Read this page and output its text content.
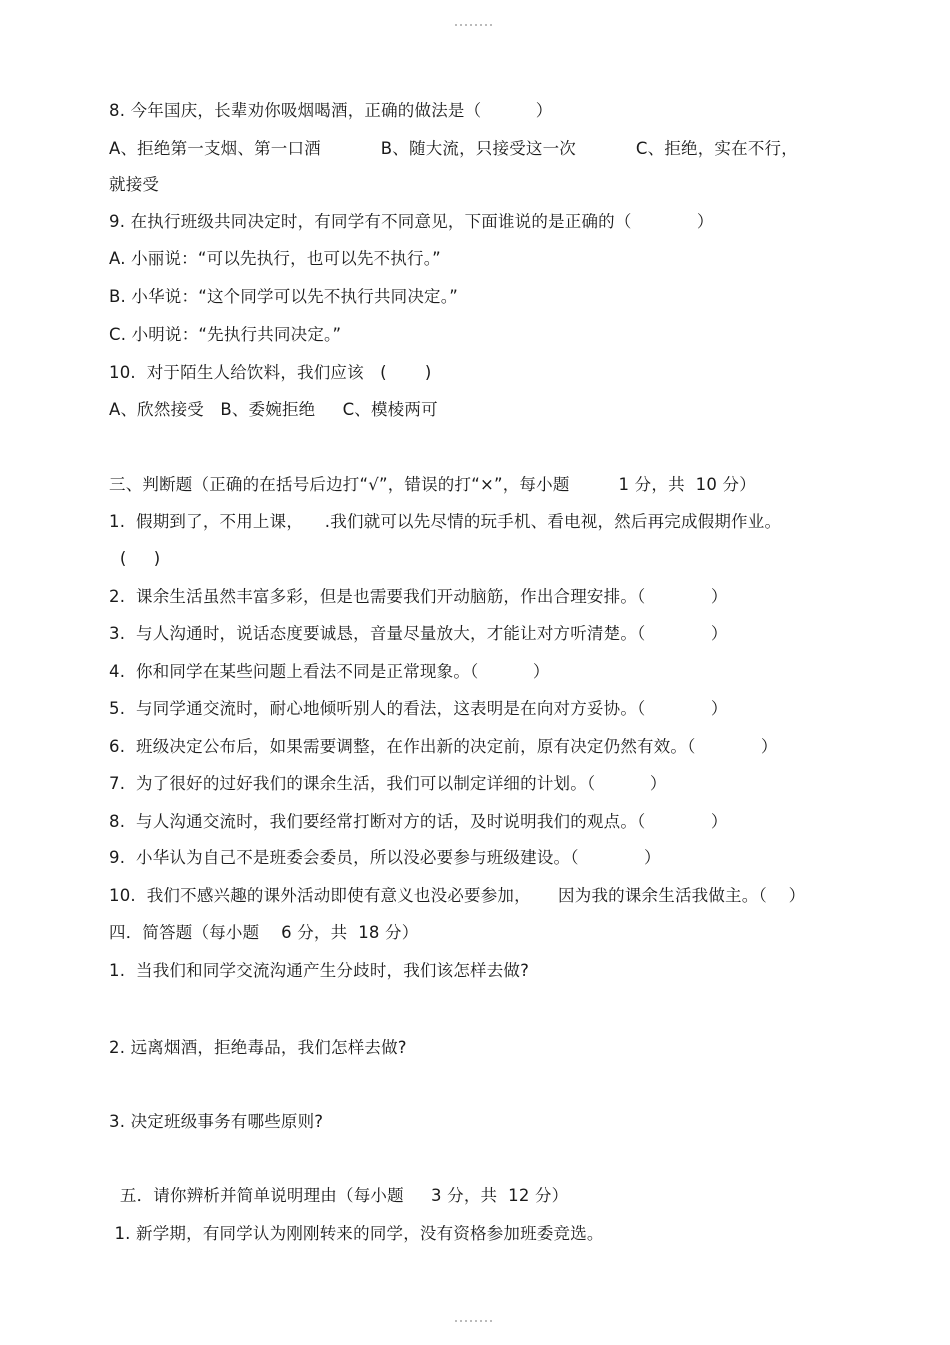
8. 今年国庆，长辈劝你吸烟喝酒，正确的做法是（          ）
A、拒绝第一支烟、第一口酒           B、随大流，只接受这一次           C、拒绝，实在不行，
就接受
9. 在执行班级共同决定时，有同学有不同意见，下面谁说的是正确的（            ）
A. 小丽说：“可以先执行，也可以先不执行。”
B. 小华说：“这个同学可以先不执行共同决定。”
C. 小明说：“先执行共同决定。”
10.  对于陌生人给饮料，我们应该   (       )
A、欣然接受   B、委婉拒绝     C、模棱两可
三、判断题（正确的在括号后边打“√”，错误的打“×”，每小题         1 分，共  10 分）
1.  假期到了，不用上课，    .我们就可以先尽情的玩手机、看电视，然后再完成假期作业。
(     )
2.  课余生活虽然丰富多彩，但是也需要我们开动脑筋，作出合理安排。（            ）
3.  与人沟通时，说话态度要诚恳，音量尽量放大，才能让对方听清楚。（            ）
4.  你和同学在某些问题上看法不同是正常现象。（          ）
5.  与同学通交流时，耐心地倾听别人的看法，这表明是在向对方妥协。（            ）
6.  班级决定公布后，如果需要调整，在作出新的决定前，原有决定仍然有效。（            ）
7.  为了很好的过好我们的课余生活，我们可以制定详细的计划。（          ）
8.  与人沟通交流时，我们要经常打断对方的话，及时说明我们的观点。（            ）
9.  小华认为自己不是班委会委员，所以没必要参与班级建设。（            ）
10.  我们不感兴趣的课外活动即使有意义也没必要参加，     因为我的课余生活我做主。（    ）
四．简答题（每小题    6 分，共  18 分）
1.  当我们和同学交流沟通产生分歧时，我们该怎样去做?
2. 远离烟酒，拒绝毒品，我们怎样去做?
3. 决定班级事务有哪些原则?
五．请你辨析并简单说明理由（每小题     3 分，共  12 分）
1. 新学期，有同学认为刚刚转来的同学，没有资格参加班委竞选。
